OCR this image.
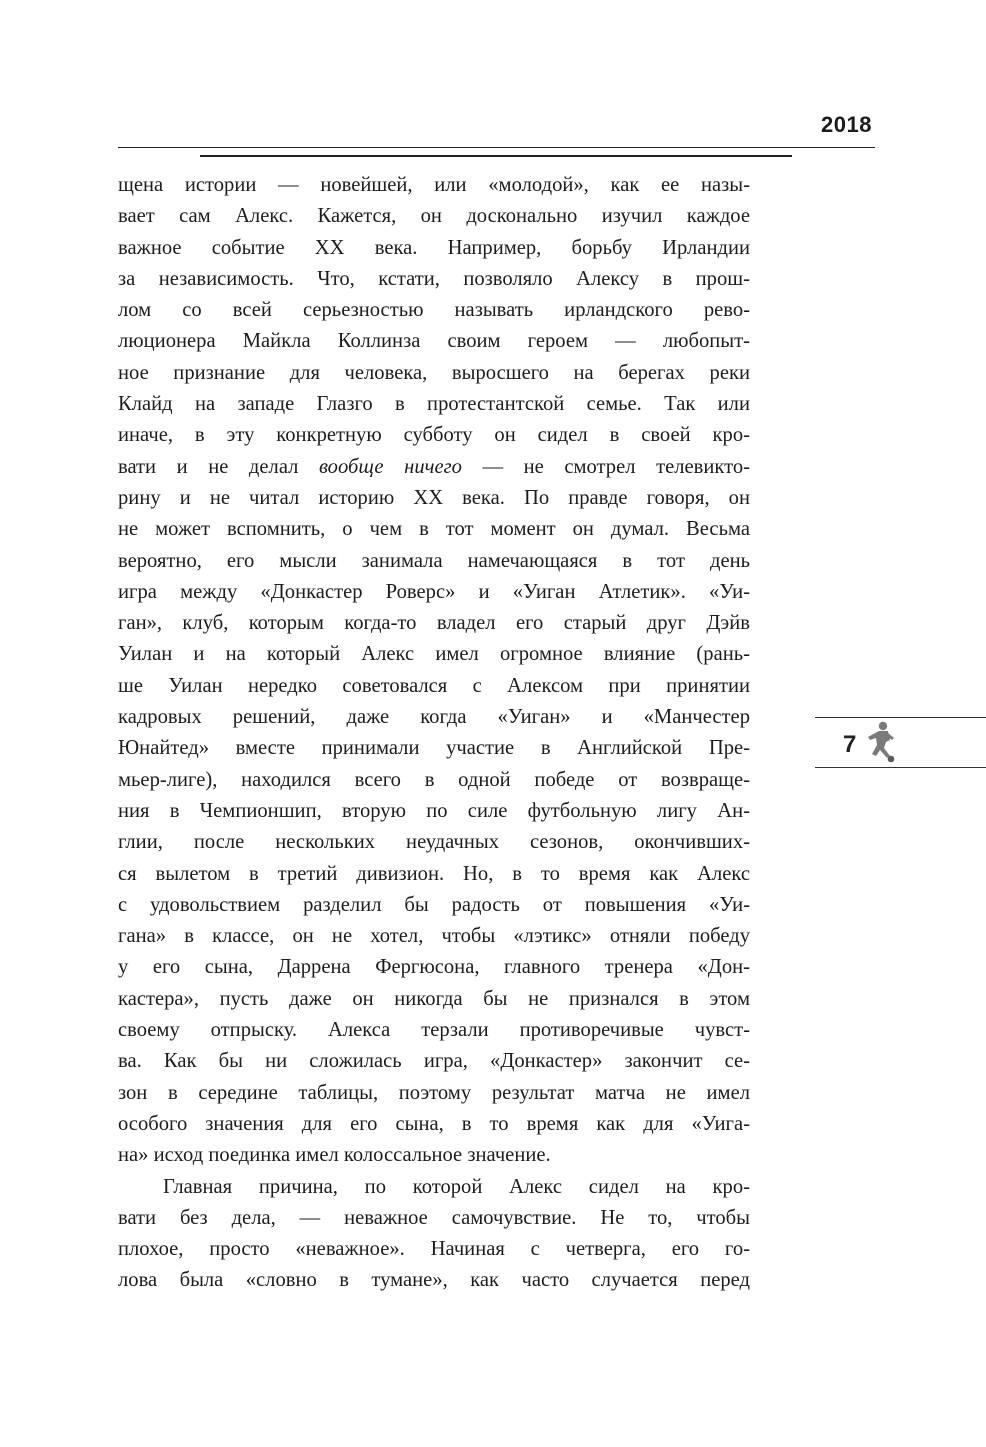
2018
щена истории — новейшей, или «молодой», как ее назы-
вает сам Алекс. Кажется, он досконально изучил каждое
важное событие XX века. Например, борьбу Ирландии
за независимость. Что, кстати, позволяло Алексу в прош-
лом со всей серьезностью называть ирландского рево-
люционера Майкла Коллинза своим героем — любопыт-
ное признание для человека, выросшего на берегах реки
Клайд на западе Глазго в протестантской семье. Так или
иначе, в эту конкретную субботу он сидел в своей кро-
вати и не делал вообще ничего — не смотрел телевикто-
рину и не читал историю XX века. По правде говоря, он
не может вспомнить, о чем в тот момент он думал. Весьма
вероятно, его мысли занимала намечающаяся в тот день
игра между «Донкастер Роверс» и «Уиган Атлетик». «Уи-
ган», клуб, которым когда-то владел его старый друг Дэйв
Уилан и на который Алекс имел огромное влияние (рань-
ше Уилан нередко советовался с Алексом при принятии
кадровых решений, даже когда «Уиган» и «Манчестер
Юнайтед» вместе принимали участие в Английской Пре-
мьер-лиге), находился всего в одной победе от возвраще-
ния в Чемпионшип, вторую по силе футбольную лигу Ан-
глии, после нескольких неудачных сезонов, окончивших-
ся вылетом в третий дивизион. Но, в то время как Алекс
с удовольствием разделил бы радость от повышения «Уи-
гана» в классе, он не хотел, чтобы «лэтикс» отняли победу
у его сына, Даррена Фергюсона, главного тренера «Дон-
кастера», пусть даже он никогда бы не признался в этом
своему отпрыску. Алекса терзали противоречивые чувст-
ва. Как бы ни сложилась игра, «Донкастер» закончит се-
зон в середине таблицы, поэтому результат матча не имел
особого значения для его сына, в то время как для «Уига-
на» исход поединка имел колоссальное значение.
Главная причина, по которой Алекс сидел на кро-
вати без дела, — неважное самочувствие. Не то, чтобы
плохое, просто «неважное». Начиная с четверга, его го-
лова была «словно в тумане», как часто случается перед
7
